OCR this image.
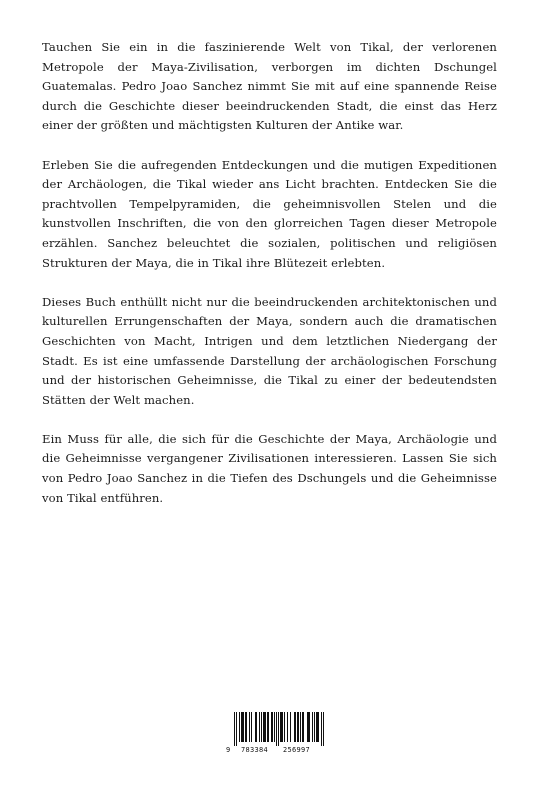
Tauchen Sie ein in die faszinierende Welt von Tikal, der verlorenen Metropole der Maya-Zivilisation, verborgen im dichten Dschungel Guatemalas. Pedro Joao Sanchez nimmt Sie mit auf eine spannende Reise durch die Geschichte dieser beeindruckenden Stadt, die einst das Herz einer der größten und mächtigsten Kulturen der Antike war.

Erleben Sie die aufregenden Entdeckungen und die mutigen Expeditionen der Archäologen, die Tikal wieder ans Licht brachten. Entdecken Sie die prachtvollen Tempelpyramiden, die geheimnisvollen Stelen und die kunstvollen Inschriften, die von den glorreichen Tagen dieser Metropole erzählen. Sanchez beleuchtet die sozialen, politischen und religiösen Strukturen der Maya, die in Tikal ihre Blütezeit erlebten.

Dieses Buch enthüllt nicht nur die beeindruckenden architektonischen und kulturellen Errungenschaften der Maya, sondern auch die dramatischen Geschichten von Macht, Intrigen und dem letztlichen Niedergang der Stadt. Es ist eine umfassende Darstellung der archäologischen Forschung und der historischen Geheimnisse, die Tikal zu einer der bedeutendsten Stätten der Welt machen.

Ein Muss für alle, die sich für die Geschichte der Maya, Archäologie und die Geheimnisse vergangener Zivilisationen interessieren. Lassen Sie sich von Pedro Joao Sanchez in die Tiefen des Dschungels und die Geheimnisse von Tikal entführen.

9 783384 256997
